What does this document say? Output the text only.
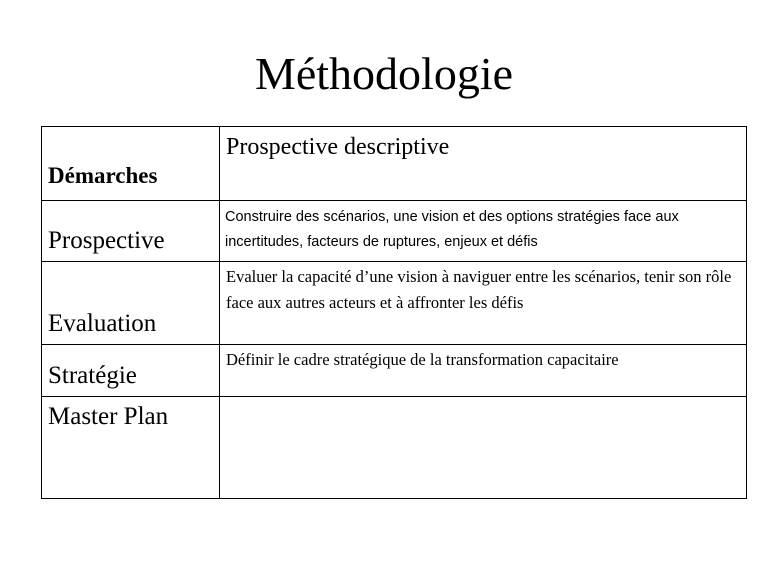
Méthodologie
Démarches	Prospective descriptive

Prospective	Construire des scénarios, une vision et des options stratégies face aux incertitudes, facteurs de ruptures, enjeux et défis

Evaluation	Evaluer la capacité d’une vision à naviguer entre les scénarios, tenir son rôle face aux autres acteurs et à affronter les défis

Stratégie	Définir le cadre stratégique de la transformation capacitaire

Master Plan	
